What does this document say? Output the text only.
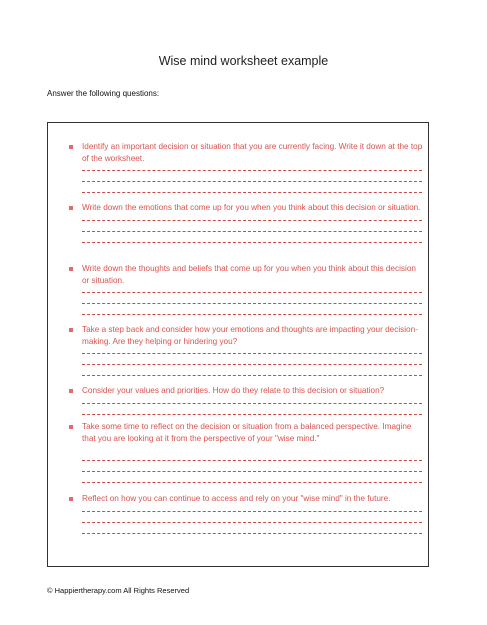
Wise mind worksheet example
Answer the following questions:
Identify an important decision or situation that you are currently facing. Write it down at the top of the worksheet.
Write down the emotions that come up for you when you think about this decision or situation.
Write down the thoughts and beliefs that come up for you when you think about this decision or situation.
Take a step back and consider how your emotions and thoughts are impacting your decision-making. Are they helping or hindering you?
Consider your values and priorities. How do they relate to this decision or situation?
Take some time to reflect on the decision or situation from a balanced perspective. Imagine that you are looking at it from the perspective of your "wise mind."
Reflect on how you can continue to access and rely on your "wise mind" in the future.
© Happiertherapy.com All Rights Reserved
